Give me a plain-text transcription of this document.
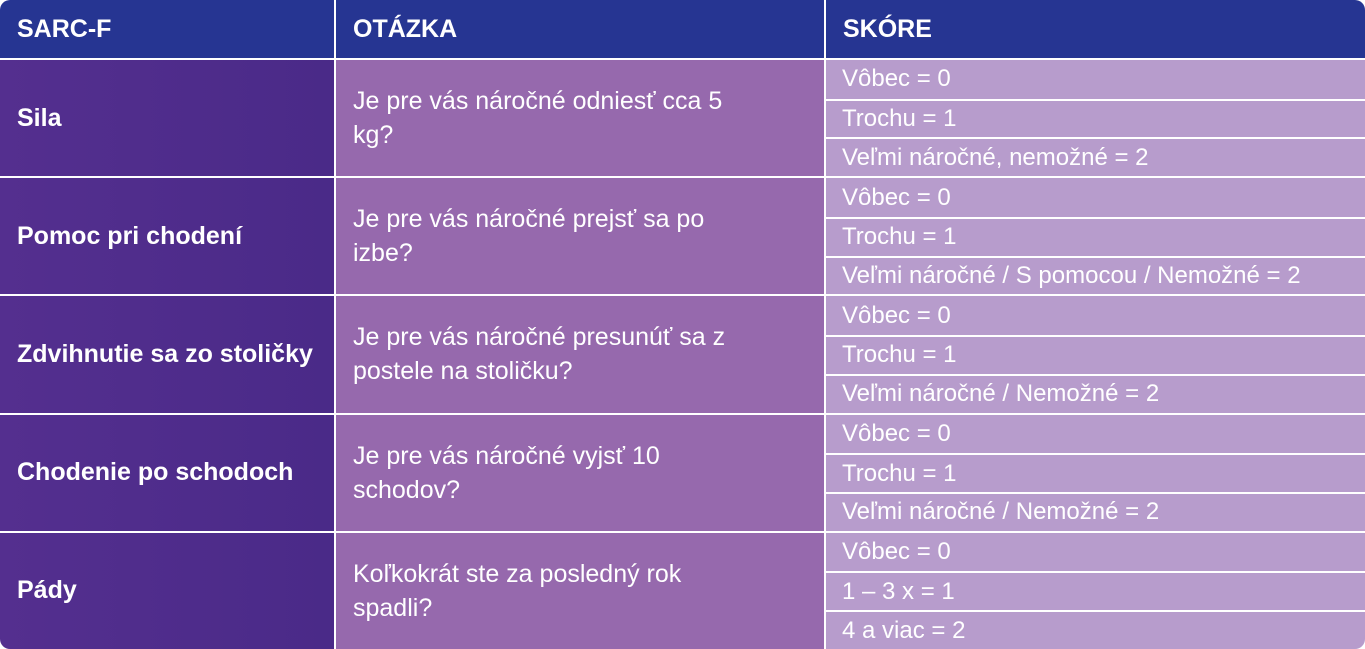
SARC-F	OTÁZKA	SKÓRE
Sila
Je pre vás náročné odniesť cca 5 kg?
Vôbec = 0
Trochu = 1
Veľmi náročné, nemožné = 2
Pomoc pri chodení
Je pre vás náročné prejsť sa po izbe?
Vôbec = 0
Trochu = 1
Veľmi náročné / S pomocou / Nemožné = 2
Zdvihnutie sa zo stoličky
Je pre vás náročné presunúť sa z postele na stoličku?
Vôbec = 0
Trochu = 1
Veľmi náročné / Nemožné = 2
Chodenie po schodoch
Je pre vás náročné vyjsť 10 schodov?
Vôbec = 0
Trochu = 1
Veľmi náročné / Nemožné = 2
Pády
Koľkokrát ste za posledný rok spadli?
Vôbec = 0
1 – 3 x = 1
4 a viac = 2
